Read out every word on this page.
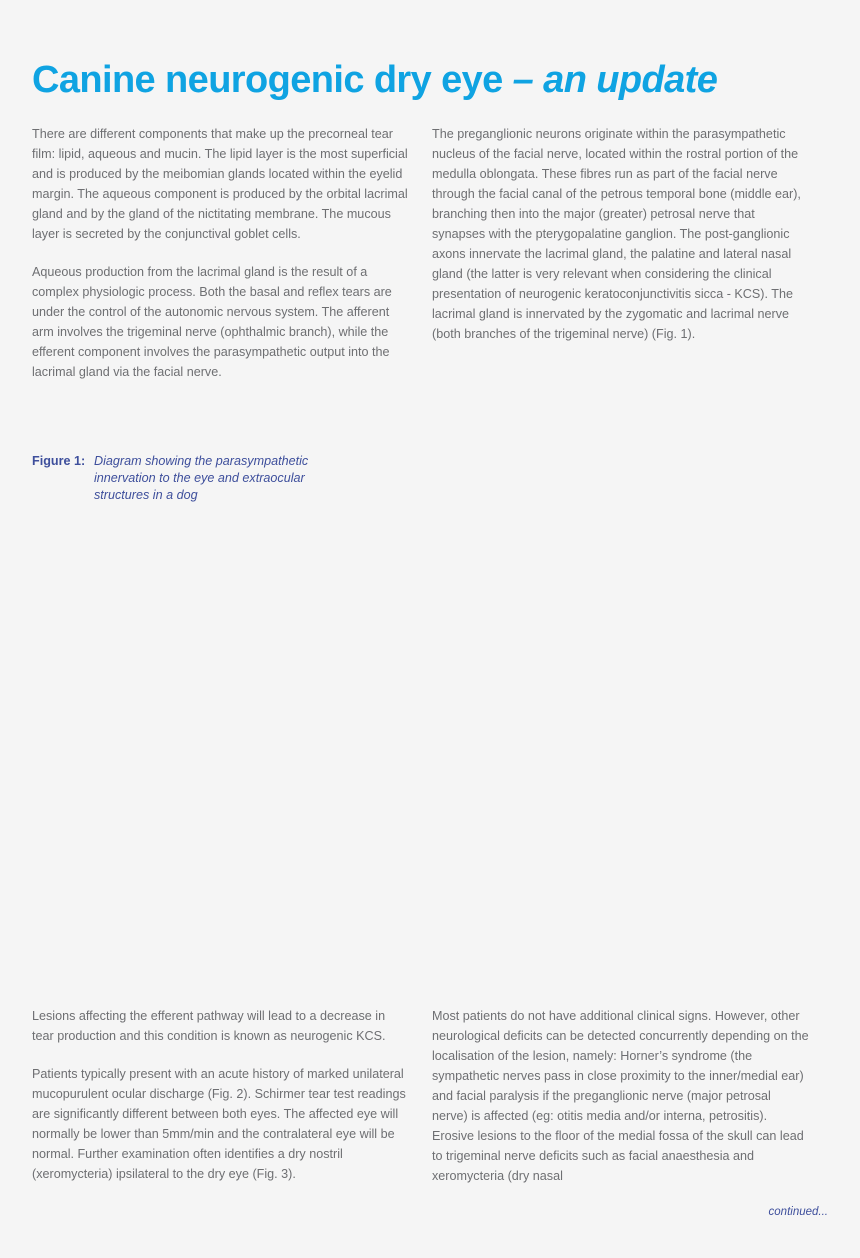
Canine neurogenic dry eye – an update

There are different components that make up the precorneal tear film: lipid, aqueous and mucin. The lipid layer is the most superficial and is produced by the meibomian glands located within the eyelid margin. The aqueous component is produced by the orbital lacrimal gland and by the gland of the nictitating membrane. The mucous layer is secreted by the conjunctival goblet cells.

Aqueous production from the lacrimal gland is the result of a complex physiologic process. Both the basal and reflex tears are under the control of the autonomic nervous system. The afferent arm involves the trigeminal nerve (ophthalmic branch), while the efferent component involves the parasympathetic output into the lacrimal gland via the facial nerve.

The preganglionic neurons originate within the parasympathetic nucleus of the facial nerve, located within the rostral portion of the medulla oblongata. These fibres run as part of the facial nerve through the facial canal of the petrous temporal bone (middle ear), branching then into the major (greater) petrosal nerve that synapses with the pterygopalatine ganglion. The post-ganglionic axons innervate the lacrimal gland, the palatine and lateral nasal gland (the latter is very relevant when considering the clinical presentation of neurogenic keratoconjunctivitis sicca - KCS). The lacrimal gland is innervated by the zygomatic and lacrimal nerve (both branches of the trigeminal nerve) (Fig. 1).

Figure 1: Diagram showing the parasympathetic innervation to the eye and extraocular structures in a dog

Lesions affecting the efferent pathway will lead to a decrease in tear production and this condition is known as neurogenic KCS.

Patients typically present with an acute history of marked unilateral mucopurulent ocular discharge (Fig. 2). Schirmer tear test readings are significantly different between both eyes. The affected eye will normally be lower than 5mm/min and the contralateral eye will be normal. Further examination often identifies a dry nostril (xeromycteria) ipsilateral to the dry eye (Fig. 3).

Most patients do not have additional clinical signs. However, other neurological deficits can be detected concurrently depending on the localisation of the lesion, namely: Horner’s syndrome (the sympathetic nerves pass in close proximity to the inner/medial ear) and facial paralysis if the preganglionic nerve (major petrosal nerve) is affected (eg: otitis media and/or interna, petrositis). Erosive lesions to the floor of the medial fossa of the skull can lead to trigeminal nerve deficits such as facial anaesthesia and xeromycteria (dry nasal

continued...
